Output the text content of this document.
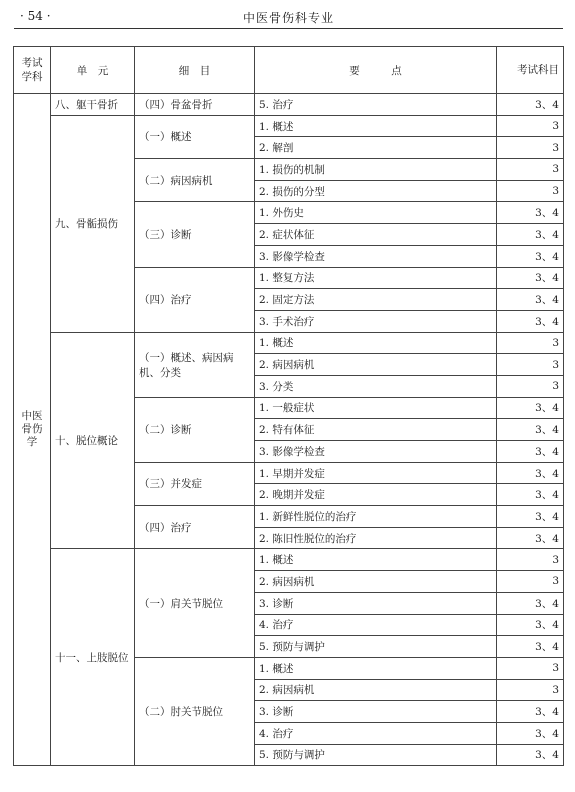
· 54 ·	中医骨伤科专业
考试学科	单　元	细　目	要　　　点	考试科目
中医骨伤学	八、躯干骨折	（四）骨盆骨折	5. 治疗	3、4
	九、骨骺损伤	（一）概述	1. 概述	3
			2. 解剖	3
		（二）病因病机	1. 损伤的机制	3
			2. 损伤的分型	3
		（三）诊断	1. 外伤史	3、4
			2. 症状体征	3、4
			3. 影像学检查	3、4
		（四）治疗	1. 整复方法	3、4
			2. 固定方法	3、4
			3. 手术治疗	3、4
	十、脱位概论	（一）概述、病因病机、分类	1. 概述	3
			2. 病因病机	3
			3. 分类	3
		（二）诊断	1. 一般症状	3、4
			2. 特有体征	3、4
			3. 影像学检查	3、4
		（三）并发症	1. 早期并发症	3、4
			2. 晚期并发症	3、4
		（四）治疗	1. 新鲜性脱位的治疗	3、4
			2. 陈旧性脱位的治疗	3、4
	十一、上肢脱位	（一）肩关节脱位	1. 概述	3
			2. 病因病机	3
			3. 诊断	3、4
			4. 治疗	3、4
			5. 预防与调护	3、4
		（二）肘关节脱位	1. 概述	3
			2. 病因病机	3
			3. 诊断	3、4
			4. 治疗	3、4
			5. 预防与调护	3、4
